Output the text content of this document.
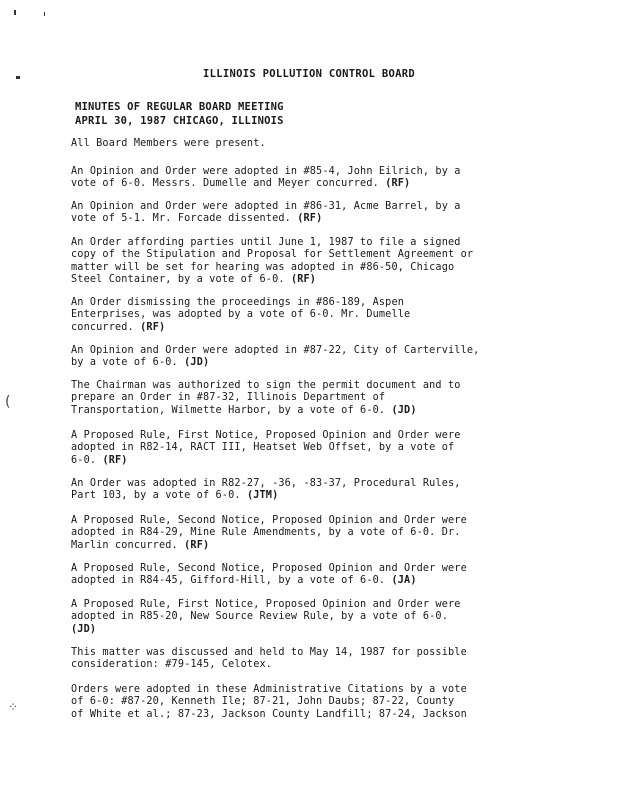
ILLINOIS POLLUTION CONTROL BOARD
MINUTES OF REGULAR BOARD MEETING
APRIL 30, 1987 CHICAGO, ILLINOIS
All Board Members were present.
An Opinion and Order were adopted in #85-4, John Eilrich, by a
vote of 6-0. Messrs. Dumelle and Meyer concurred. (RF)
An Opinion and Order were adopted in #86-31, Acme Barrel, by a
vote of 5-1. Mr. Forcade dissented. (RF)
An Order affording parties until June 1, 1987 to file a signed
copy of the Stipulation and Proposal for Settlement Agreement or
matter will be set for hearing was adopted in #86-50, Chicago
Steel Container, by a vote of 6-0. (RF)
An Order dismissing the proceedings in #86-189, Aspen
Enterprises, was adopted by a vote of 6-0. Mr. Dumelle
concurred. (RF)
An Opinion and Order were adopted in #87-22, City of Carterville,
by a vote of 6-0. (JD)
The Chairman was authorized to sign the permit document and to
prepare an Order in #87-32, Illinois Department of
Transportation, Wilmette Harbor, by a vote of 6-0. (JD)
A Proposed Rule, First Notice, Proposed Opinion and Order were
adopted in R82-14, RACT III, Heatset Web Offset, by a vote of
6-0. (RF)
An Order was adopted in R82-27, -36, -83-37, Procedural Rules,
Part 103, by a vote of 6-0. (JTM)
A Proposed Rule, Second Notice, Proposed Opinion and Order were
adopted in R84-29, Mine Rule Amendments, by a vote of 6-0. Dr.
Marlin concurred. (RF)
A Proposed Rule, Second Notice, Proposed Opinion and Order were
adopted in R84-45, Gifford-Hill, by a vote of 6-0. (JA)
A Proposed Rule, First Notice, Proposed Opinion and Order were
adopted in R85-20, New Source Review Rule, by a vote of 6-0.
(JD)
This matter was discussed and held to May 14, 1987 for possible
consideration: #79-145, Celotex.
Orders were adopted in these Administrative Citations by a vote
of 6-0: #87-20, Kenneth Ile; 87-21, John Daubs; 87-22, County
of White et al.; 87-23, Jackson County Landfill; 87-24, Jackson
(
⁘
